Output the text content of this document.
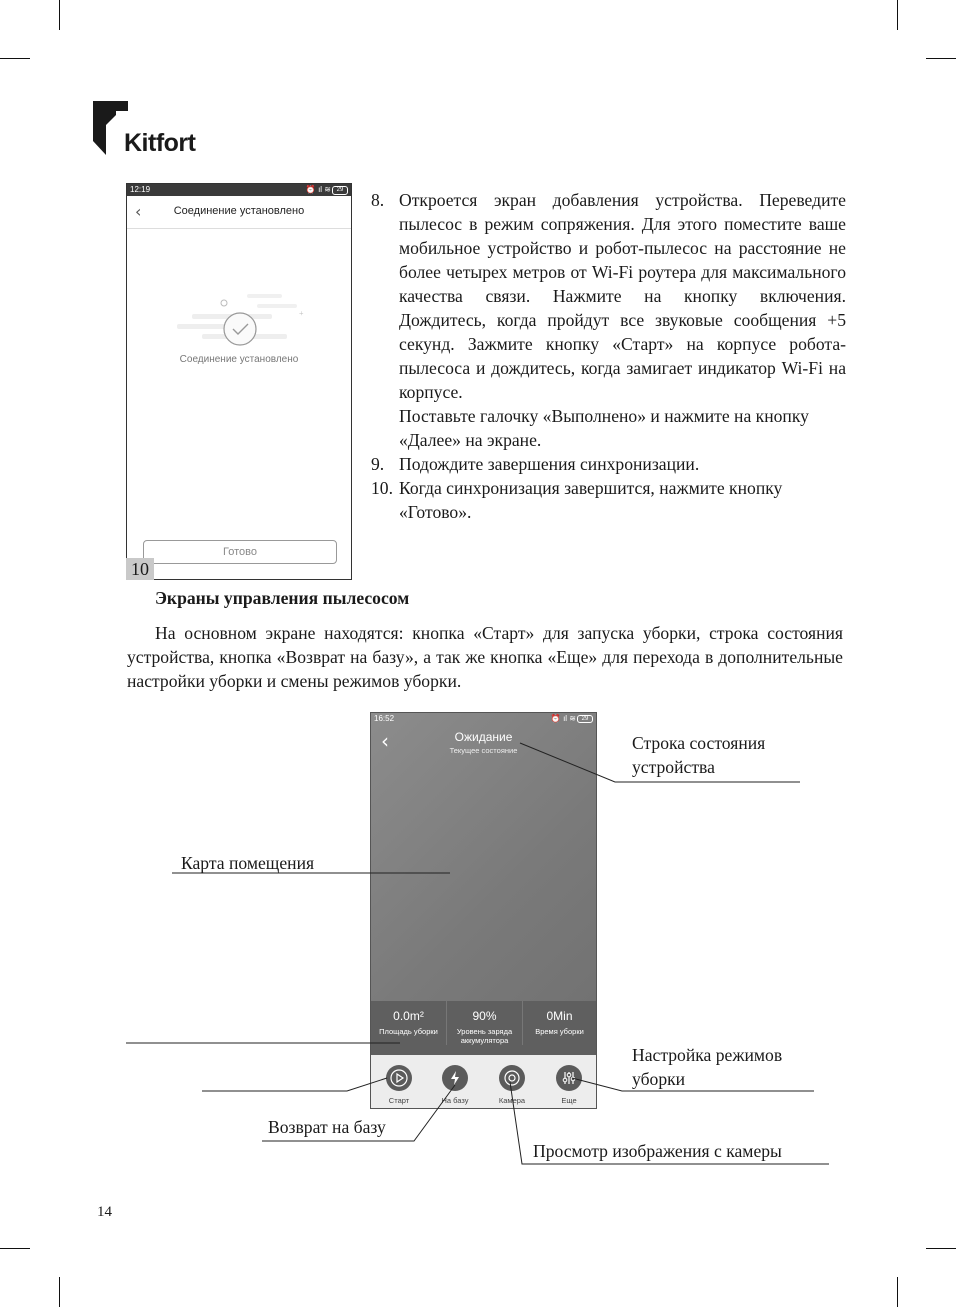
Kitfort
12:19	⏰ ıl ≋ 29
‹	Соединение установлено
+
Соединение установлено
Готово
10
8. Откроется экран добавления устройства. Переведите пылесос в режим сопряжения. Для этого поместите ваше мобильное устройство и робот-пылесос на расстояние не более четырех метров от Wi-Fi роутера для максимального качества связи. Нажмите на кнопку включения. Дождитесь, когда пройдут все звуковые сообщения +5 секунд. Зажмите кнопку «Старт» на корпусе робота-пылесоса и дождитесь, когда замигает индикатор Wi-Fi на корпусе.
Поставьте галочку «Выполнено» и нажмите на кнопку «Далее» на экране.
9. Подождите завершения синхронизации.
10. Когда синхронизация завершится, нажмите кнопку «Готово».
Экраны управления пылесосом

На основном экране находятся: кнопка «Старт» для запуска уборки, строка состояния устройства, кнопка «Возврат на базу», а так же кнопка «Еще» для перехода в дополнительные настройки уборки и смены режимов уборки.

16:52	⏰ ıl ≋ 29
‹	Ожидание
Текущее состояние
0.0m²
Площадь уборки
90%
Уровень заряда аккумулятора
0Min
Время уборки
Старт	На базу	Камера	Еще
Строка состояния устройства
Карта помещения
Настройка режимов уборки
Возврат на базу
Просмотр изображения с камеры
14
